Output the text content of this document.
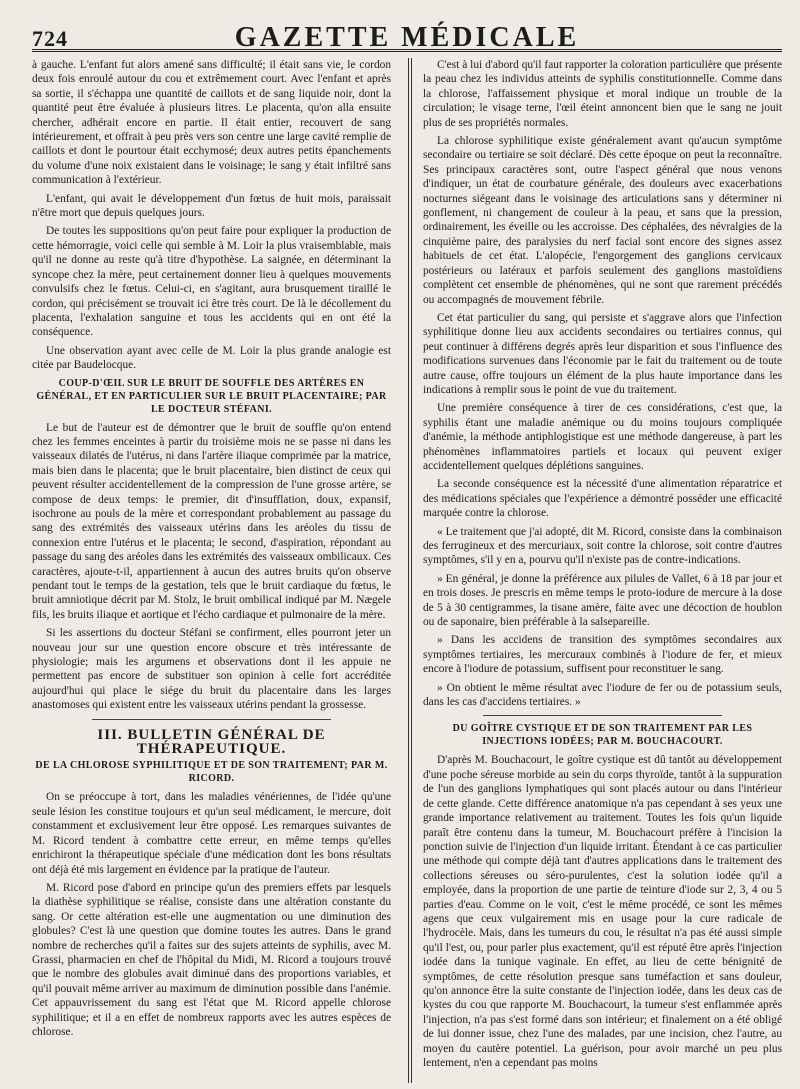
724	GAZETTE MÉDICALE

à gauche. L'enfant fut alors amené sans difficulté; il était sans vie, le cordon deux fois enroulé autour du cou et extrêmement court. Avec l'enfant et après sa sortie, il s'échappa une quantité de caillots et de sang liquide noir, dont la quantité peut être évaluée à plusieurs litres. Le placenta, qu'on alla ensuite chercher, adhérait encore en partie. Il était entier, recouvert de sang intérieurement, et offrait à peu près vers son centre une large cavité remplie de caillots et dont le pourtour était ecchymosé; deux autres petits épanchements du volume d'une noix existaient dans le voisinage; le sang y était infiltré sans communication à l'extérieur.

L'enfant, qui avait le développement d'un fœtus de huit mois, paraissait n'être mort que depuis quelques jours.

De toutes les suppositions qu'on peut faire pour expliquer la production de cette hémorragie, voici celle qui semble à M. Loir la plus vraisemblable, mais qu'il ne donne au reste qu'à titre d'hypothèse. La saignée, en déterminant la syncope chez la mère, peut certainement donner lieu à quelques mouvements convulsifs chez le fœtus. Celui-ci, en s'agitant, aura brusquement tiraillé le cordon, qui précisément se trouvait ici être très court. De là le décollement du placenta, l'exhalation sanguine et tous les accidents qui en ont été la conséquence.

Une observation ayant avec celle de M. Loir la plus grande analogie est citée par Baudelocque.

COUP-D'ŒIL SUR LE BRUIT DE SOUFFLE DES ARTÈRES EN GÉNÉRAL, ET EN PARTICULIER SUR LE BRUIT PLACENTAIRE; PAR LE DOCTEUR STÉFANI.

Le but de l'auteur est de démontrer que le bruit de souffle qu'on entend chez les femmes enceintes à partir du troisième mois ne se passe ni dans les vaisseaux dilatés de l'utérus, ni dans l'artère iliaque comprimée par la matrice, mais bien dans le placenta; que le bruit placentaire, bien distinct de ceux qui peuvent résulter accidentellement de la compression de l'une grosse artère, se compose de deux temps: le premier, dit d'insufflation, doux, expansif, isochrone au pouls de la mère et correspondant probablement au passage du sang des extrémités des vaisseaux utérins dans les aréoles du tissu de connexion entre l'utérus et le placenta; le second, d'aspiration, répondant au passage du sang des aréoles dans les extrémités des vaisseaux ombilicaux. Ces caractères, ajoute-t-il, appartiennent à aucun des autres bruits qu'on observe pendant tout le temps de la gestation, tels que le bruit cardiaque du fœtus, le bruit amniotique décrit par M. Stolz, le bruit ombilical indiqué par M. Nægele fils, les bruits iliaque et aortique et l'écho cardiaque et pulmonaire de la mère.

Si les assertions du docteur Stéfani se confirment, elles pourront jeter un nouveau jour sur une question encore obscure et très intéressante de physiologie; mais les argumens et observations dont il les appuie ne permettent pas encore de substituer son opinion à celle fort accréditée aujourd'hui qui place le siége du bruit du placentaire dans les larges anastomoses qui existent entre les vaisseaux utérins pendant la grossesse.

III. BULLETIN GÉNÉRAL DE THÉRAPEUTIQUE.
DE LA CHLOROSE SYPHILITIQUE ET DE SON TRAITEMENT; PAR M. RICORD.

On se préoccupe à tort, dans les maladies vénériennes, de l'idée qu'une seule lésion les constitue toujours et qu'un seul médicament, le mercure, doit constamment et exclusivement leur être opposé. Les remarques suivantes de M. Ricord tendent à combattre cette erreur, en même temps qu'elles enrichiront la thérapeutique spéciale d'une médication dont les bons résultats ont déjà été mis largement en évidence par la pratique de l'auteur.

M. Ricord pose d'abord en principe qu'un des premiers effets par lesquels la diathèse syphilitique se réalise, consiste dans une altération constante du sang. Or cette altération est-elle une augmentation ou une diminution des globules? C'est là une question que domine toutes les autres. Dans le grand nombre de recherches qu'il a faites sur des sujets atteints de syphilis, avec M. Grassi, pharmacien en chef de l'hôpital du Midi, M. Ricord a toujours trouvé que le nombre des globules avait diminué dans des proportions variables, et qu'il pouvait même arriver au maximum de diminution possible dans l'anémie. Cet appauvrissement du sang est l'état que M. Ricord appelle chlorose syphilitique; et il a en effet de nombreux rapports avec les autres espèces de chlorose.

C'est à lui d'abord qu'il faut rapporter la coloration particulière que présente la peau chez les individus atteints de syphilis constitutionnelle. Comme dans la chlorose, l'affaissement physique et moral indique un trouble de la circulation; le visage terne, l'œil éteint annoncent bien que le sang ne jouit plus de ses propriétés normales.

La chlorose syphilitique existe généralement avant qu'aucun symptôme secondaire ou tertiaire se soit déclaré. Dès cette époque on peut la reconnaître. Ses principaux caractères sont, outre l'aspect général que nous venons d'indiquer, un état de courbature générale, des douleurs avec exacerbations nocturnes siégeant dans le voisinage des articulations sans y déterminer ni gonflement, ni changement de couleur à la peau, et sans que la pression, ordinairement, les éveille ou les accroisse. Des céphalées, des névralgies de la cinquième paire, des paralysies du nerf facial sont encore des signes assez habituels de cet état. L'alopécie, l'engorgement des ganglions cervicaux postérieurs ou latéraux et parfois seulement des ganglions mastoïdiens complètent cet ensemble de phénomènes, qui ne sont que rarement précédés ou accompagnés de mouvement fébrile.

Cet état particulier du sang, qui persiste et s'aggrave alors que l'infection syphilitique donne lieu aux accidents secondaires ou tertiaires connus, qui peut continuer à différens degrés après leur disparition et sous l'influence des modifications survenues dans l'économie par le fait du traitement ou de toute autre cause, offre toujours un élément de la plus haute importance dans les indications à remplir sous le point de vue du traitement.

Une première conséquence à tirer de ces considérations, c'est que, la syphilis étant une maladie anémique ou du moins toujours compliquée d'anémie, la méthode antiphlogistique est une méthode dangereuse, à part les phénomènes inflammatoires partiels et locaux qui peuvent exiger accidentellement quelques déplétions sanguines.

La seconde conséquence est la nécessité d'une alimentation réparatrice et des médications spéciales que l'expérience a démontré posséder une efficacité marquée contre la chlorose.

« Le traitement que j'ai adopté, dit M. Ricord, consiste dans la combinaison des ferrugineux et des mercuriaux, soit contre la chlorose, soit contre d'autres symptômes, s'il y en a, pourvu qu'il n'existe pas de contre-indications.

» En général, je donne la préférence aux pilules de Vallet, 6 à 18 par jour et en trois doses. Je prescris en même temps le proto-iodure de mercure à la dose de 5 à 30 centigrammes, la tisane amère, faite avec une décoction de houblon ou de saponaire, bien préférable à la salsepareille.

» Dans les accidens de transition des symptômes secondaires aux symptômes tertiaires, les mercuraux combinés à l'iodure de fer, et mieux encore à l'iodure de potassium, suffisent pour reconstituer le sang.

» On obtient le même résultat avec l'iodure de fer ou de potassium seuls, dans les cas d'accidens tertiaires. »

DU GOÎTRE CYSTIQUE ET DE SON TRAITEMENT PAR LES INJECTIONS IODÉES; PAR M. BOUCHACOURT.

D'après M. Bouchacourt, le goître cystique est dû tantôt au développement d'une poche séreuse morbide au sein du corps thyroïde, tantôt à la suppuration de l'un des ganglions lymphatiques qui sont placés autour ou dans l'intérieur de cette glande. Cette différence anatomique n'a pas cependant à ses yeux une grande importance relativement au traitement. Toutes les fois qu'un liquide paraît être contenu dans la tumeur, M. Bouchacourt préfère à l'incision la ponction suivie de l'injection d'un liquide irritant. Étendant à ce cas particulier une méthode qui compte déjà tant d'autres applications dans le traitement des collections séreuses ou séro-purulentes, c'est la solution iodée qu'il a employée, dans la proportion de une partie de teinture d'iode sur 2, 3, 4 ou 5 parties d'eau. Comme on le voit, c'est le même procédé, ce sont les mêmes agens que ceux vulgairement mis en usage pour la cure radicale de l'hydrocèle. Mais, dans les tumeurs du cou, le résultat n'a pas été aussi simple qu'il l'est, ou, pour parler plus exactement, qu'il est réputé être après l'injection iodée dans la tunique vaginale. En effet, au lieu de cette bénignité de symptômes, de cette résolution presque sans tuméfaction et sans douleur, qu'on annonce être la suite constante de l'injection iodée, dans les deux cas de kystes du cou que rapporte M. Bouchacourt, la tumeur s'est enflammée après l'injection, n'a pas s'est formé dans son intérieur; et finalement on a été obligé de lui donner issue, chez l'une des malades, par une incision, chez l'autre, au moyen du cautère potentiel. La guérison, pour avoir marché un peu plus lentement, n'en a cependant pas moins
